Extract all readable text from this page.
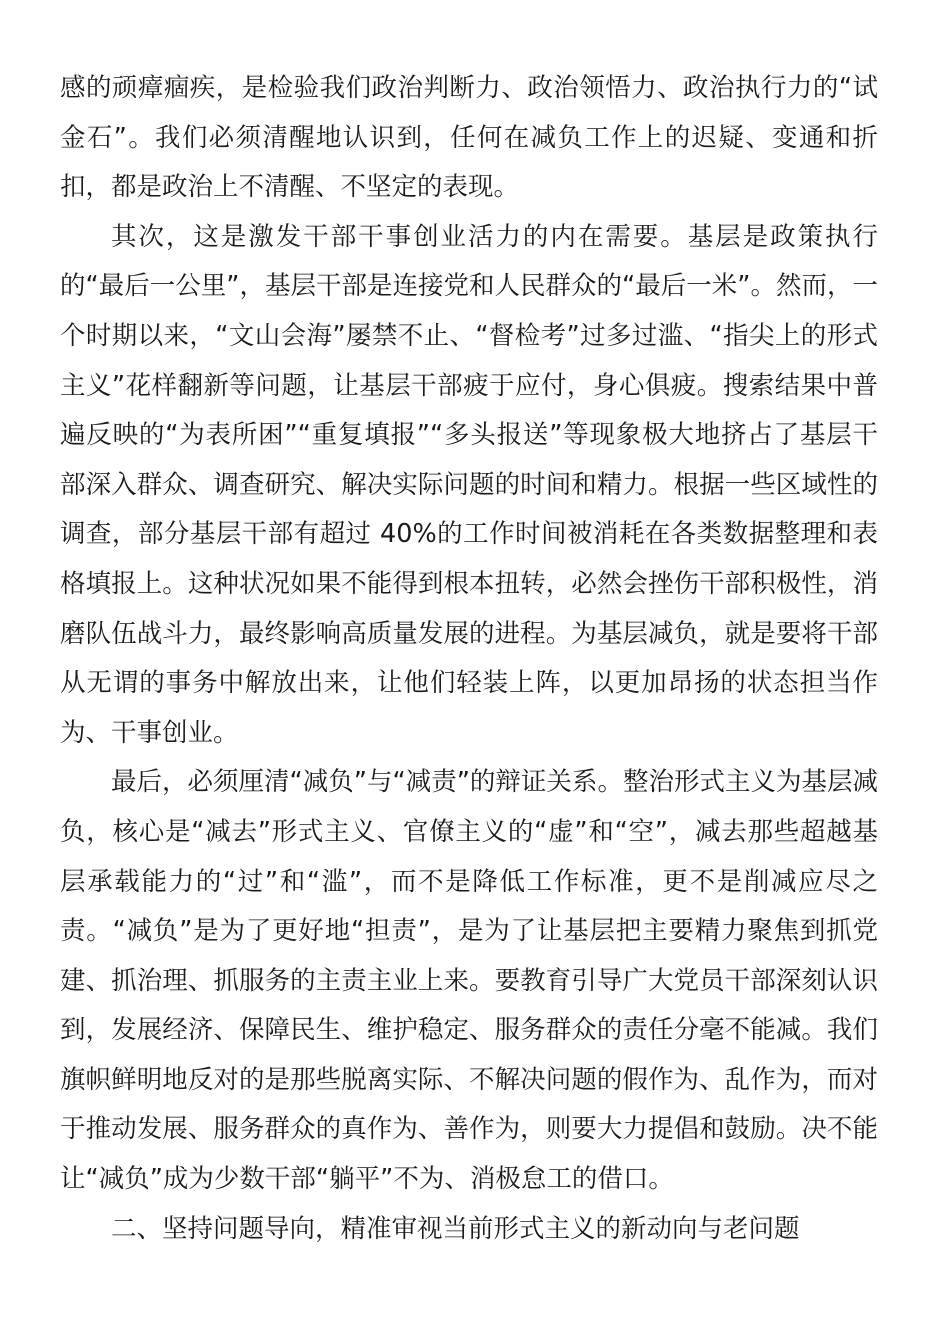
感的顽瘴痼疾，是检验我们政治判断力、政治领悟力、政治执行力的“试金石”。我们必须清醒地认识到，任何在减负工作上的迟疑、变通和折扣，都是政治上不清醒、不坚定的表现。

其次，这是激发干部干事创业活力的内在需要。基层是政策执行的“最后一公里”，基层干部是连接党和人民群众的“最后一米”。然而，一个时期以来，“文山会海”屡禁不止、“督检考”过多过滥、“指尖上的形式主义”花样翻新等问题，让基层干部疲于应付，身心俱疲。搜索结果中普遍反映的“为表所困”“重复填报”“多头报送”等现象极大地挤占了基层干部深入群众、调查研究、解决实际问题的时间和精力。根据一些区域性的调查，部分基层干部有超过 40%的工作时间被消耗在各类数据整理和表格填报上。这种状况如果不能得到根本扭转，必然会挫伤干部积极性，消磨队伍战斗力，最终影响高质量发展的进程。为基层减负，就是要将干部从无谓的事务中解放出来，让他们轻装上阵，以更加昂扬的状态担当作为、干事创业。

最后，必须厘清“减负”与“减责”的辩证关系。整治形式主义为基层减负，核心是“减去”形式主义、官僚主义的“虚”和“空”，减去那些超越基层承载能力的“过”和“滥”，而不是降低工作标准，更不是削减应尽之责。“减负”是为了更好地“担责”，是为了让基层把主要精力聚焦到抓党建、抓治理、抓服务的主责主业上来。要教育引导广大党员干部深刻认识到，发展经济、保障民生、维护稳定、服务群众的责任分毫不能减。我们旗帜鲜明地反对的是那些脱离实际、不解决问题的假作为、乱作为，而对于推动发展、服务群众的真作为、善作为，则要大力提倡和鼓励。决不能让“减负”成为少数干部“躺平”不为、消极怠工的借口。

二、坚持问题导向，精准审视当前形式主义的新动向与老问题
